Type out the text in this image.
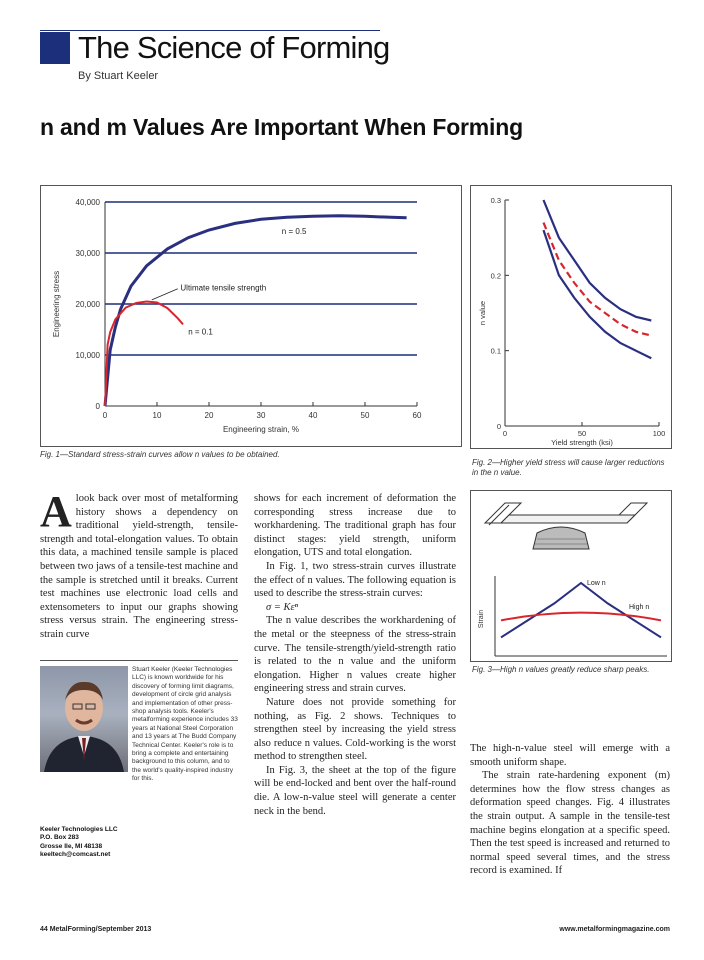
The Science of Forming
By Stuart Keeler
n and m Values Are Important When Forming
0
10,000
20,000
30,000
40,000
0	10	20	30	40	50	60
Engineering strain, %
Engineering stress
n = 0.5
Ultimate tensile strength
n = 0.1
Fig. 1—Standard stress-strain curves allow n values to be obtained.
0
0.1
0.2
0.3
0	50	100
Yield strength (ksi)
n value
Fig. 2—Higher yield stress will cause larger reductions in the n value.
Strain
Low n
High n
Fig. 3—High n values greatly reduce sharp peaks.
A look back over most of metalforming history shows a dependency on traditional yield-strength, tensile-strength and total-elongation values. To obtain this data, a machined tensile sample is placed between two jaws of a tensile-test machine and the sample is stretched until it breaks. Current test machines use electronic load cells and extensometers to input our graphs showing stress versus strain. The engineering stress-strain curve

Stuart Keeler (Keeler Technologies LLC) is known worldwide for his discovery of forming limit diagrams, development of circle grid analysis and implementation of other press-shop analysis tools. Keeler's metalforming experience includes 33 years at National Steel Corporation and 13 years at The Budd Company Technical Center. Keeler's role is to bring a complete and entertaining background to this column, and to the world's quality-inspired industry for this.
Keeler Technologies LLC
P.O. Box 283
Grosse Ile, MI 48138
keeltech@comcast.net

shows for each increment of deformation the corresponding stress increase due to workhardening. The traditional graph has four distinct stages: yield strength, uniform elongation, UTS and total elongation.

In Fig. 1, two stress-strain curves illustrate the effect of n values. The following equation is used to describe the stress-strain curves:

σ = Kεⁿ

The n value describes the workhardening of the metal or the steepness of the stress-strain curve. The tensile-strength/yield-strength ratio is related to the n value and the uniform elongation. Higher n values create higher engineering stress and strain curves.

Nature does not provide something for nothing, as Fig. 2 shows. Techniques to strengthen steel by increasing the yield stress also reduce n values. Cold-working is the worst method to strengthen steel.

In Fig. 3, the sheet at the top of the figure will be end-locked and bent over the half-round die. A low-n-value steel will generate a center neck in the bend.

The high-n-value steel will emerge with a smooth uniform shape.

The strain rate-hardening exponent (m) determines how the flow stress changes as deformation speed changes. Fig. 4 illustrates the strain output. A sample in the tensile-test machine begins elongation at a specific speed. Then the test speed is increased and returned to normal speed several times, and the stress record is examined. If

44 MetalForming/September 2013	www.metalformingmagazine.com
